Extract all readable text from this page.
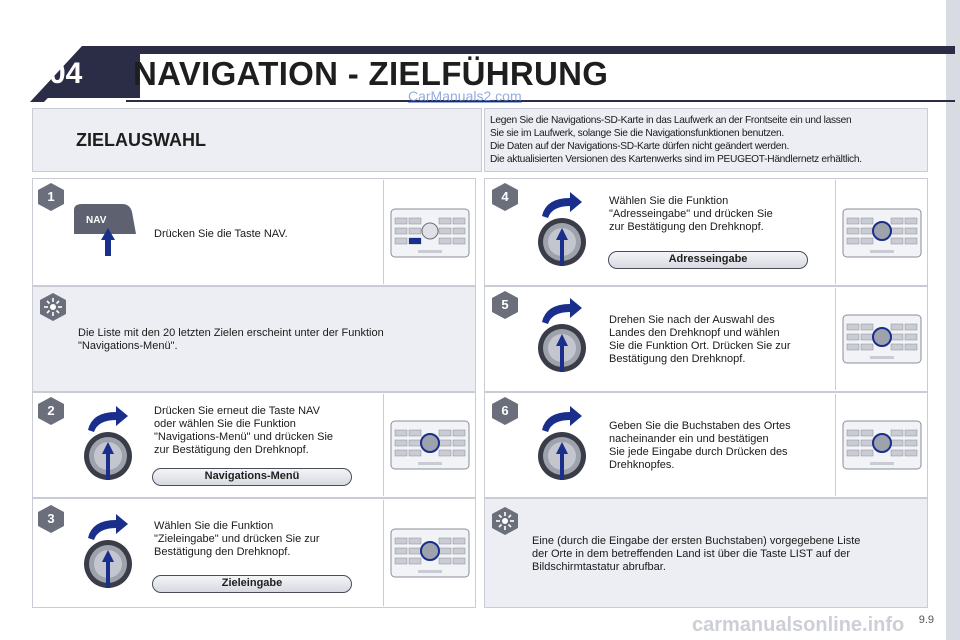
04 NAVIGATION - ZIELFÜHRUNG
CarManuals2.com
ZIELAUSWAHL
Legen Sie die Navigations-SD-Karte in das Laufwerk an der Frontseite ein und lassen
Sie sie im Laufwerk, solange Sie die Navigationsfunktionen benutzen.
Die Daten auf der Navigations-SD-Karte dürfen nicht geändert werden.
Die aktualisierten Versionen des Kartenwerks sind im PEUGEOT-Händlernetz erhältlich.
1
2
3
4
5
6
NAV
Drücken Sie die Taste NAV.
Die Liste mit den 20 letzten Zielen erscheint unter der Funktion
"Navigations-Menü".
Drücken Sie erneut die Taste NAV
oder wählen Sie die Funktion
"Navigations-Menü" und drücken Sie
zur Bestätigung den Drehknopf.
Navigations-Menü
Wählen Sie die Funktion
"Zieleingabe" und drücken Sie zur
Bestätigung den Drehknopf.
Zieleingabe
Wählen Sie die Funktion
"Adresseingabe" und drücken Sie
zur Bestätigung den Drehknopf.
Adresseingabe
Drehen Sie nach der Auswahl des
Landes den Drehknopf und wählen
Sie die Funktion Ort. Drücken Sie zur
Bestätigung den Drehknopf.
Geben Sie die Buchstaben des Ortes
nacheinander ein und bestätigen
Sie jede Eingabe durch Drücken des
Drehknopfes.
Eine (durch die Eingabe der ersten Buchstaben) vorgegebene Liste
der Orte in dem betreffenden Land ist über die Taste LIST auf der
Bildschirmtastatur abrufbar.
carmanualsonline.info 9.9
